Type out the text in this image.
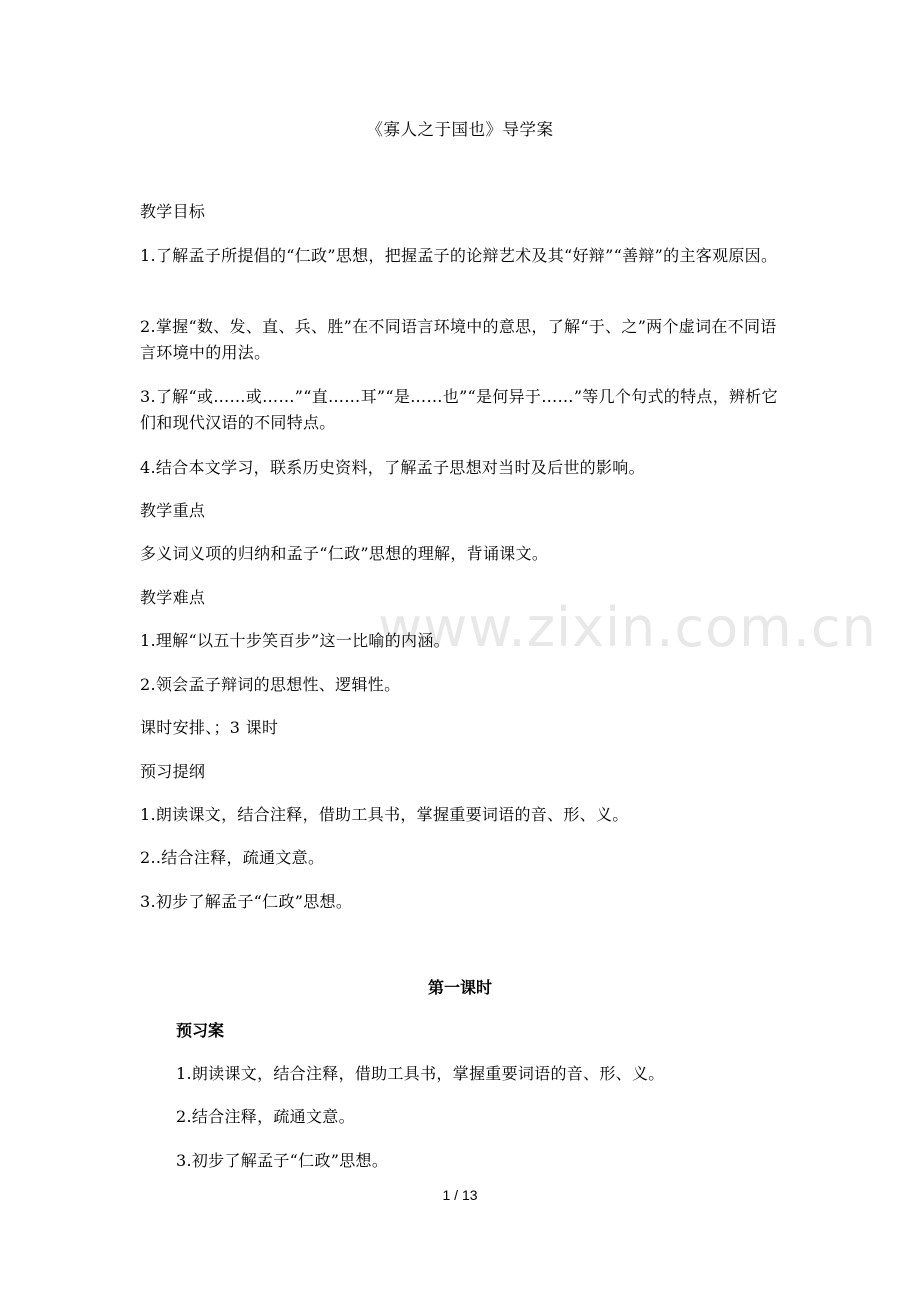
《寡人之于国也》导学案
www.zixin.com.cn
教学目标
1.了解孟子所提倡的“仁政”思想，把握孟子的论辩艺术及其“好辩”“善辩”的主客观原因。
2.掌握“数、发、直、兵、胜”在不同语言环境中的意思，了解“于、之”两个虚词在不同语言环境中的用法。
3.了解“或……或……”“直……耳”“是……也”“是何异于……”等几个句式的特点，辨析它们和现代汉语的不同特点。
4.结合本文学习，联系历史资料，了解孟子思想对当时及后世的影响。
教学重点
多义词义项的归纳和孟子“仁政”思想的理解，背诵课文。
教学难点
1.理解“以五十步笑百步”这一比喻的内涵。
2.领会孟子辩词的思想性、逻辑性。
课时安排、；3 课时
预习提纲
1.朗读课文，结合注释，借助工具书，掌握重要词语的音、形、义。
2..结合注释，疏通文意。
3.初步了解孟子“仁政”思想。
第一课时
预习案
1.朗读课文，结合注释，借助工具书，掌握重要词语的音、形、义。
2.结合注释，疏通文意。
3.初步了解孟子“仁政”思想。
1 / 13
